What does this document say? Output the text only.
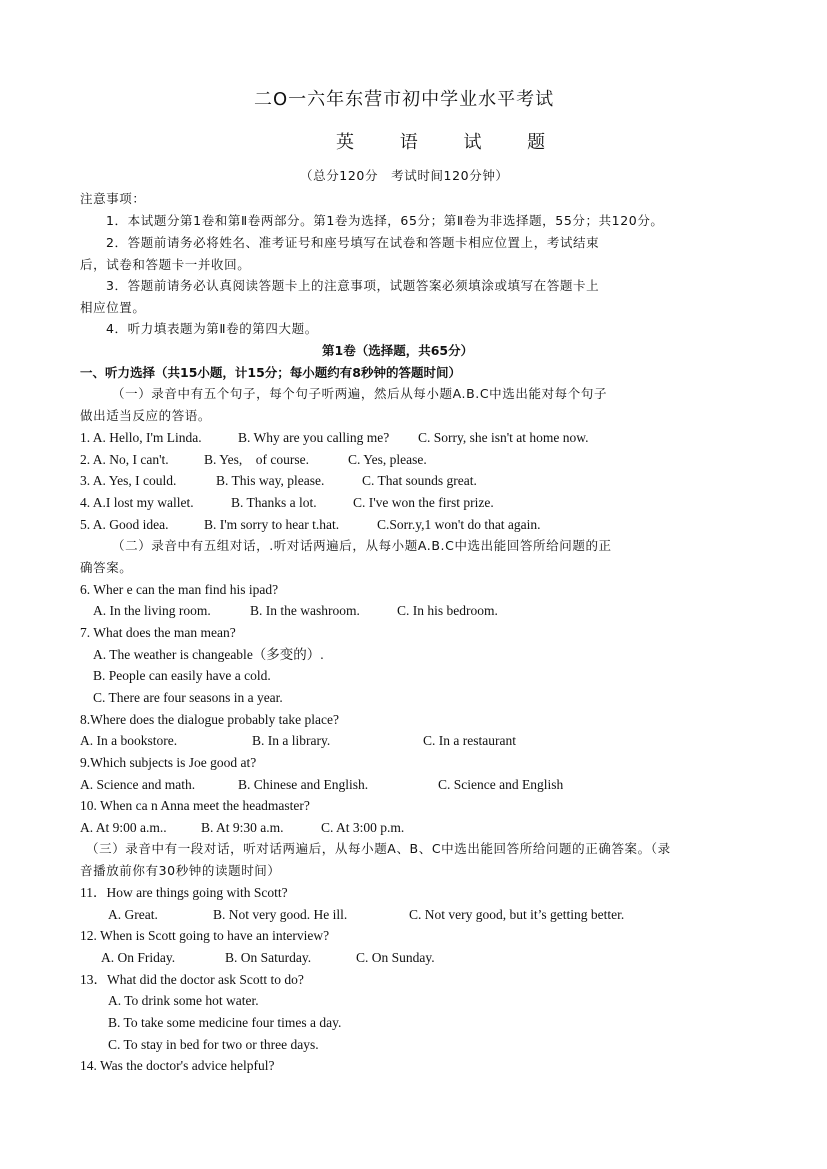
二O一六年东营市初中学业水平考试
英 语 试 题
（总分120分　考试时间120分钟）
注意事项：
1．本试题分第1卷和第Ⅱ卷两部分。第1卷为选择，65分；第Ⅱ卷为非选择题，55分；共120分。
2．答题前请务必将姓名、准考证号和座号填写在试卷和答题卡相应位置上，考试结束
后，试卷和答题卡一并收回。
3．答题前请务必认真阅读答题卡上的注意事项，试题答案必须填涂或填写在答题卡上
相应位置。
4．听力填表题为第Ⅱ卷的第四大题。
第1卷（选择题，共65分）
一、听力选择（共15小题，计15分；每小题约有8秒钟的答题时间）
（一）录音中有五个句子，每个句子听两遍，然后从每小题A.B.C中选出能对每个句子
做出适当反应的答语。
1. A. Hello, I'm Linda.	B. Why are you calling me? C. Sorry, she isn't at home now.
2. A. No, I can't.	B. Yes,　of course.	C. Yes, please.
3. A. Yes, I could.	B. This way, please.	C. That sounds great.
4. A.I lost my wallet.	B. Thanks a lot.	C. I've won the first prize.
5. A. Good idea.	B. I'm sorry to hear t.hat.	C.Sorr.y,1 won't do that again.
（二）录音中有五组对话，.听对话两遍后，从每小题A.B.C中选出能回答所给问题的正
确答案。
6. Wher e can the man find his ipad?
A. In the living room.	B. In the washroom.	C. In his bedroom.
7. What does the man mean?
A. The weather is changeable（多变的）.
B. People can easily have a cold.
C. There are four seasons in a year.
8.Where does the dialogue probably take place?
A. In a bookstore.	B. In a library.	C. In a restaurant
9.Which subjects is Joe good at?
A. Science and math.	B. Chinese and English.	C. Science and English
10. When ca n Anna meet the headmaster?
A. At 9:00 a.m..	B. At 9:30 a.m.	C. At 3:00 p.m.
（三）录音中有一段对话，听对话两遍后，从每小题A、B、C中选出能回答所给问题的正确答案。（录
音播放前你有30秒钟的读题时间）
11．How are things going with Scott?
A. Great.	B. Not very good. He ill.	C. Not very good, but it’s getting better.
12. When is Scott going to have an interview?
A. On Friday.	B. On Saturday.	C. On Sunday.
13．What did the doctor ask Scott to do?
A. To drink some hot water.
B. To take some medicine four times a day.
C. To stay in bed for two or three days.
14. Was the doctor's advice helpful?
